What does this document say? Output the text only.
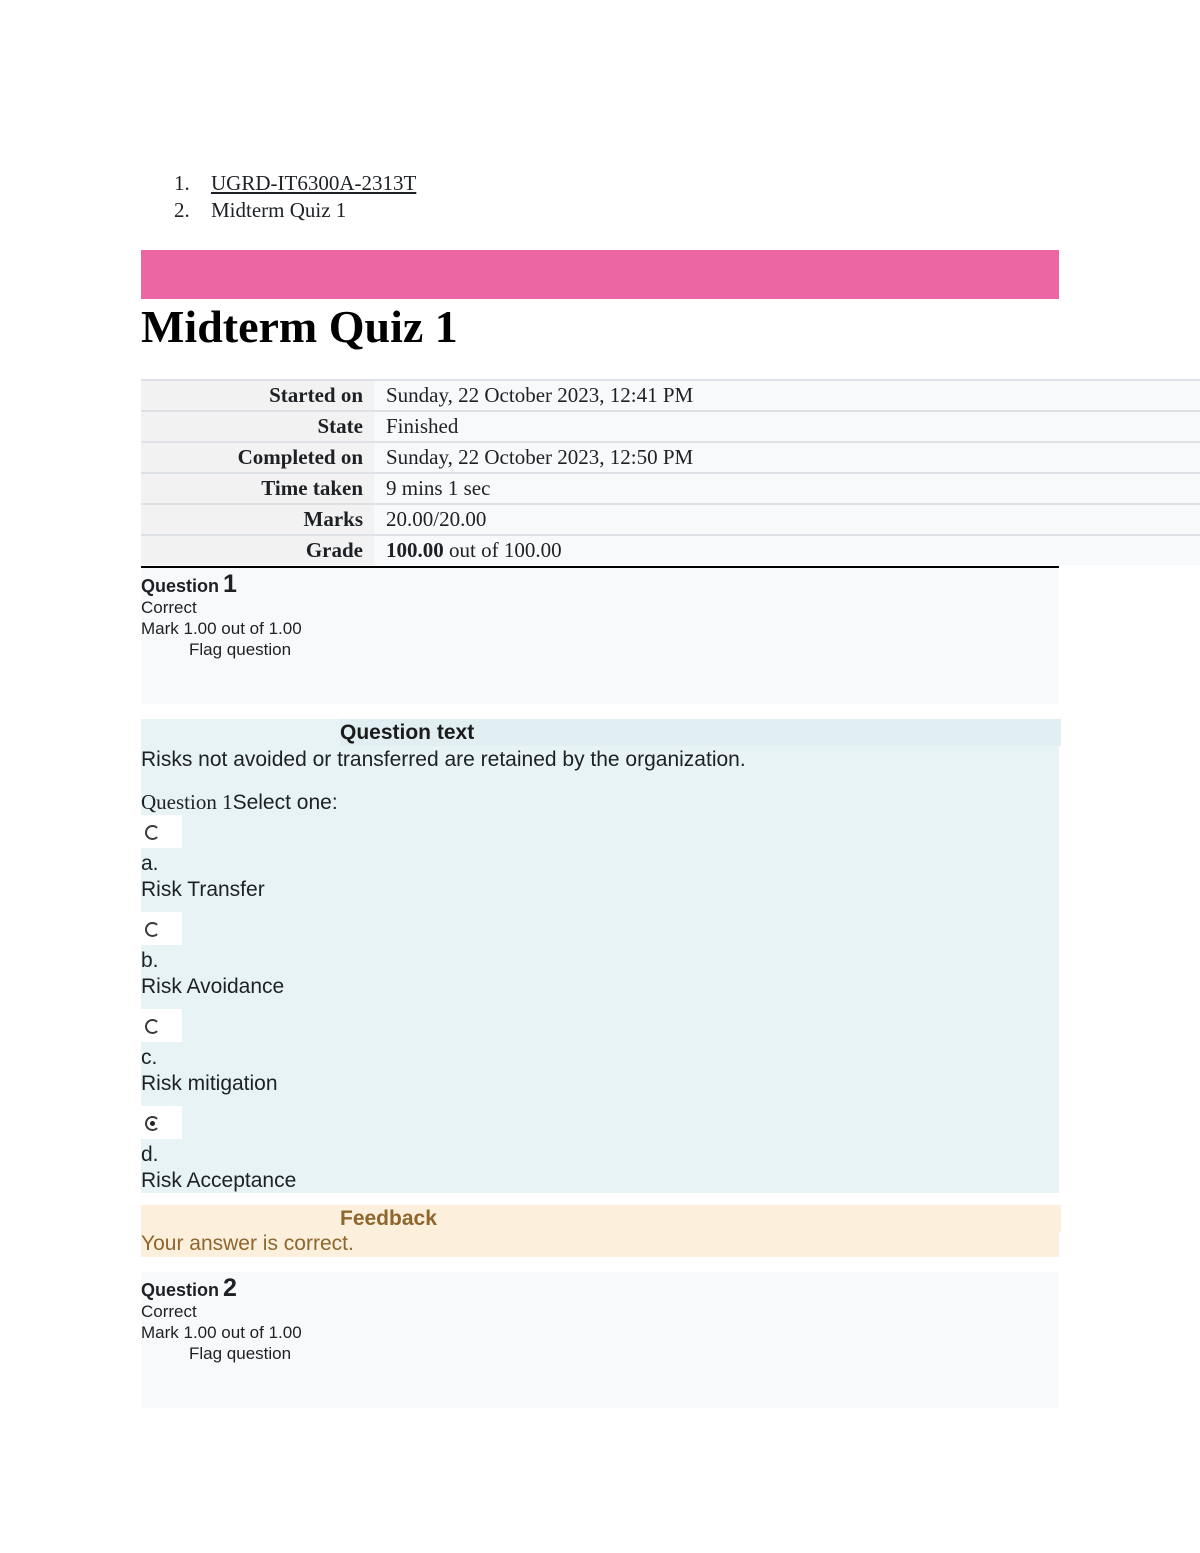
1. UGRD-IT6300A-2313T
2. Midterm Quiz 1
Midterm Quiz 1
Started on	Sunday, 22 October 2023, 12:41 PM
State	Finished
Completed on	Sunday, 22 October 2023, 12:50 PM
Time taken	9 mins 1 sec
Marks	20.00/20.00
Grade	100.00 out of 100.00
Question 1
Correct
Mark 1.00 out of 1.00
Flag question
Question text
Risks not avoided or transferred are retained by the organization.
Question 1Select one:
a.
Risk Transfer
b.
Risk Avoidance
c.
Risk mitigation
d.
Risk Acceptance
Feedback
Your answer is correct.
Question 2
Correct
Mark 1.00 out of 1.00
Flag question
